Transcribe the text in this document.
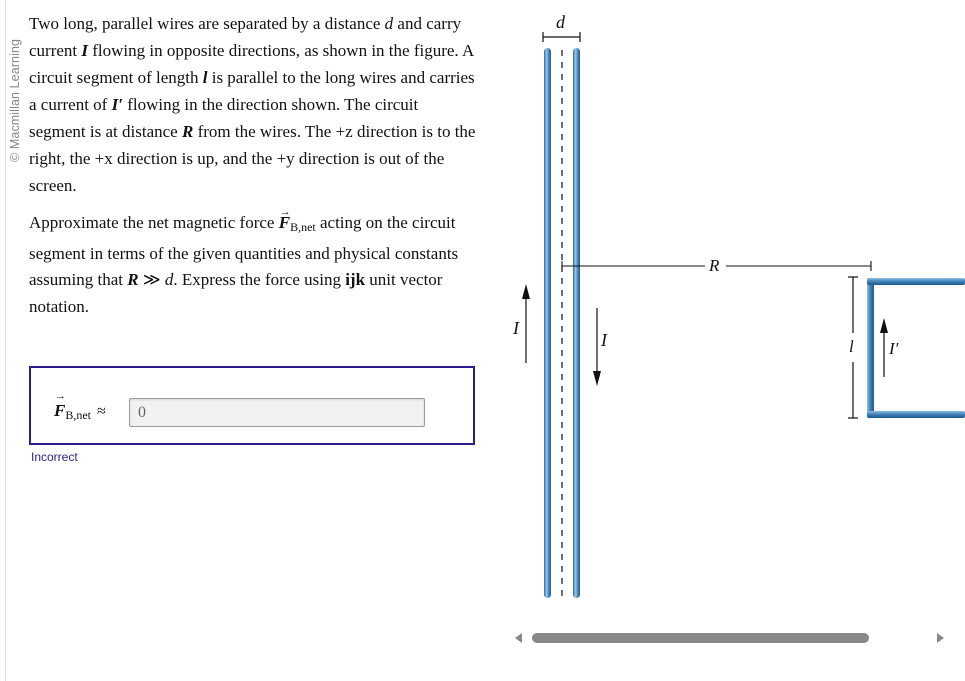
© Macmillan Learning

Two long, parallel wires are separated by a distance d and carry current I flowing in opposite directions, as shown in the figure. A circuit segment of length l is parallel to the long wires and carries a current of I′ flowing in the direction shown. The circuit segment is at distance R from the wires. The +z direction is to the right, the +x direction is up, and the +y direction is out of the screen.

Approximate the net magnetic force → $F_{B,net}$ acting on the circuit segment in terms of the given quantities and physical constants assuming that R ≫ d. Express the force using ijk unit vector notation.

→ $F_{B,net}$ ≈	0
Incorrect
d
R
I
I	l I′
